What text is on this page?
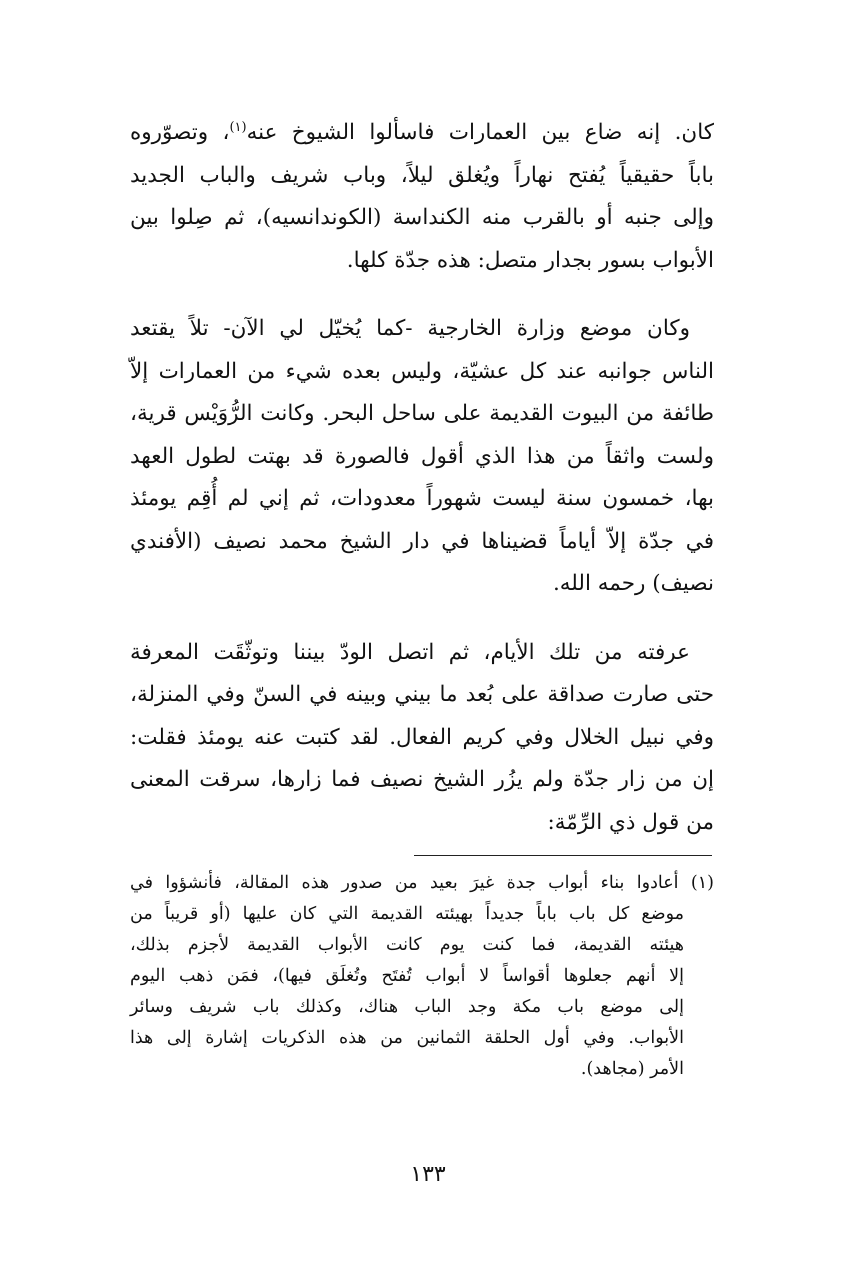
كان. إنه ضاع بين العمارات فاسألوا الشيوخ عنه$^{(١)}$، وتصوّروه
باباً حقيقياً يُفتح نهاراً ويُغلق ليلاً، وباب شريف والباب الجديد
وإلى جنبه أو بالقرب منه الكنداسة (الكوندانسيه)، ثم صِلوا بين
الأبواب بسور بجدار متصل: هذه جدّة كلها.

وكان موضع وزارة الخارجية -كما يُخيّل لي الآن- تلاً يقتعد
الناس جوانبه عند كل عشيّة، وليس بعده شيء من العمارات إلاّ
طائفة من البيوت القديمة على ساحل البحر. وكانت الرُّوَيْس قرية،
ولست واثقاً من هذا الذي أقول فالصورة قد بهتت لطول العهد
بها، خمسون سنة ليست شهوراً معدودات، ثم إني لم أُقِم يومئذ
في جدّة إلاّ أياماً قضيناها في دار الشيخ محمد نصيف (الأفندي
نصيف) رحمه الله.

عرفته من تلك الأيام، ثم اتصل الودّ بيننا وتوثّقَت المعرفة
حتى صارت صداقة على بُعد ما بيني وبينه في السنّ وفي المنزلة،
وفي نبيل الخلال وفي كريم الفعال. لقد كتبت عنه يومئذ فقلت:
إن من زار جدّة ولم يزُر الشيخ نصيف فما زارها، سرقت المعنى
من قول ذي الرِّمّة:

(١) أعادوا بناء أبواب جدة غيرَ بعيد من صدور هذه المقالة، فأنشؤوا في
موضع كل باب باباً جديداً بهيئته القديمة التي كان عليها (أو قريباً من
هيئته القديمة، فما كنت يوم كانت الأبواب القديمة لأجزم بذلك،
إلا أنهم جعلوها أقواساً لا أبواب تُفتَح وتُغلَق فيها)، فمَن ذهب اليوم
إلى موضع باب مكة وجد الباب هناك، وكذلك باب شريف وسائر
الأبواب. وفي أول الحلقة الثمانين من هذه الذكريات إشارة إلى هذا
الأمر (مجاهد).
١٣٣
